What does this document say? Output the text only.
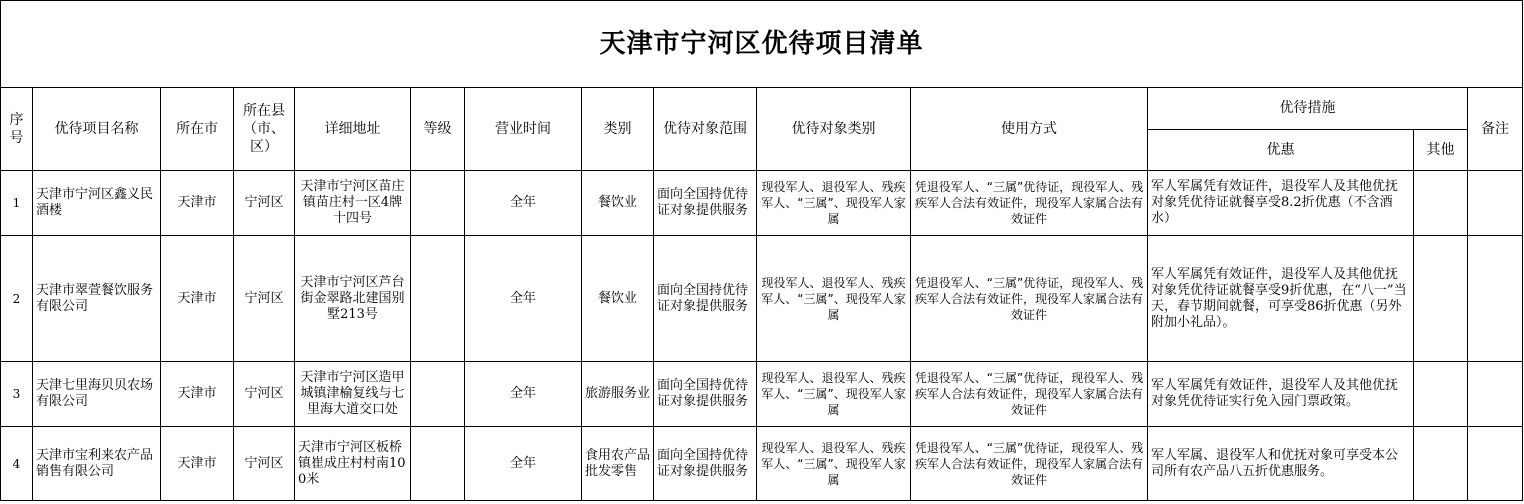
天津市宁河区优待项目清单													
序号	优待项目名称	所在市	所在县（市、区）	详细地址	等级	营业时间	类别	优待对象范围	优待对象类别	使用方式	优待措施		备注
											优惠	其他	
1	天津市宁河区鑫义民酒楼	天津市	宁河区	天津市宁河区苗庄镇苗庄村一区4牌十四号		全年	餐饮业	面向全国持优待证对象提供服务	现役军人、退役军人、残疾军人、“三属”、现役军人家属	凭退役军人、“三属”优待证，现役军人、残疾军人合法有效证件，现役军人家属合法有效证件	军人军属凭有效证件，退役军人及其他优抚对象凭优待证就餐享受8.2折优惠（不含酒水）		
2	天津市翠萱餐饮服务有限公司	天津市	宁河区	天津市宁河区芦台街金翠路北建国别墅213号		全年	餐饮业	面向全国持优待证对象提供服务	现役军人、退役军人、残疾军人、“三属”、现役军人家属	凭退役军人、“三属”优待证，现役军人、残疾军人合法有效证件，现役军人家属合法有效证件	军人军属凭有效证件，退役军人及其他优抚对象凭优待证就餐享受9折优惠，在“八一”当天，春节期间就餐，可享受86折优惠（另外附加小礼品）。		
3	天津七里海贝贝农场有限公司	天津市	宁河区	天津市宁河区造甲城镇津榆复线与七里海大道交口处		全年	旅游服务业	面向全国持优待证对象提供服务	现役军人、退役军人、残疾军人、“三属”、现役军人家属	凭退役军人、“三属”优待证，现役军人、残疾军人合法有效证件，现役军人家属合法有效证件	军人军属凭有效证件，退役军人及其他优抚对象凭优待证实行免入园门票政策。		
4	天津市宝利来农产品销售有限公司	天津市	宁河区	天津市宁河区板桥镇崔成庄村村南100米		全年	食用农产品批发零售	面向全国持优待证对象提供服务	现役军人、退役军人、残疾军人、“三属”、现役军人家属	凭退役军人、“三属”优待证，现役军人、残疾军人合法有效证件，现役军人家属合法有效证件	军人军属、退役军人和优抚对象可享受本公司所有农产品八五折优惠服务。		
